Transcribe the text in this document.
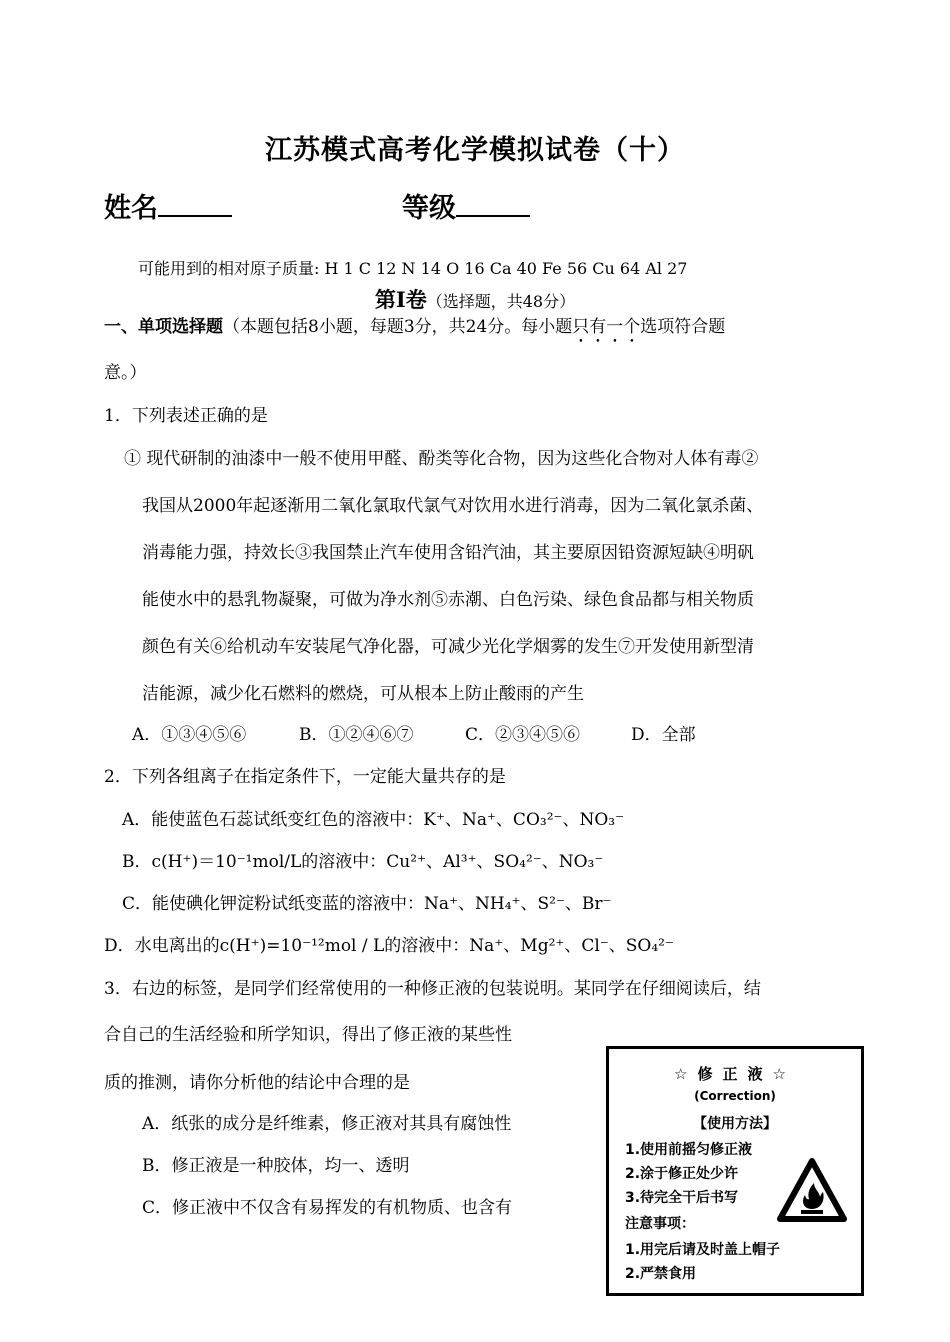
江苏模式高考化学模拟试卷（十）
姓名	等级
可能用到的相对原子质量: H 1 C 12 N 14 O 16 Ca 40 Fe 56 Cu 64 Al 27
第Ⅰ卷（选择题，共48分）
一、单项选择题（本题包括8小题，每题3分，共24分。每小题只有一个选项符合题
意。）
1．下列表述正确的是
① 现代研制的油漆中一般不使用甲醛、酚类等化合物，因为这些化合物对人体有毒②
我国从2000年起逐渐用二氧化氯取代氯气对饮用水进行消毒，因为二氧化氯杀菌、
消毒能力强，持效长③我国禁止汽车使用含铅汽油，其主要原因铅资源短缺④明矾
能使水中的悬乳物凝聚，可做为净水剂⑤赤潮、白色污染、绿色食品都与相关物质
颜色有关⑥给机动车安装尾气净化器，可减少光化学烟雾的发生⑦开发使用新型清
洁能源，减少化石燃料的燃烧，可从根本上防止酸雨的产生
A．①③④⑤⑥	B．①②④⑥⑦	C．②③④⑤⑥	D．全部
2．下列各组离子在指定条件下，一定能大量共存的是
A．能使蓝色石蕊试纸变红色的溶液中：K⁺、Na⁺、CO₃²⁻、NO₃⁻
B．c(H⁺)＝10⁻¹mol/L的溶液中：Cu²⁺、Al³⁺、SO₄²⁻、NO₃⁻
C．能使碘化钾淀粉试纸变蓝的溶液中：Na⁺、NH₄⁺、S²⁻、Br⁻
D．水电离出的c(H⁺)=10⁻¹²mol / L的溶液中：Na⁺、Mg²⁺、Cl⁻、SO₄²⁻
3．右边的标签，是同学们经常使用的一种修正液的包装说明。某同学在仔细阅读后，结
合自己的生活经验和所学知识，得出了修正液的某些性
质的推测，请你分析他的结论中合理的是
A．纸张的成分是纤维素，修正液对其具有腐蚀性
B．修正液是一种胶体，均一、透明
C．修正液中不仅含有易挥发的有机物质、也含有
☆修正液☆
(Correction)
【使用方法】
1.使用前摇匀修正液
2.涂于修正处少许
3.待完全干后书写
注意事项：
1.用完后请及时盖上帽子
2.严禁食用
